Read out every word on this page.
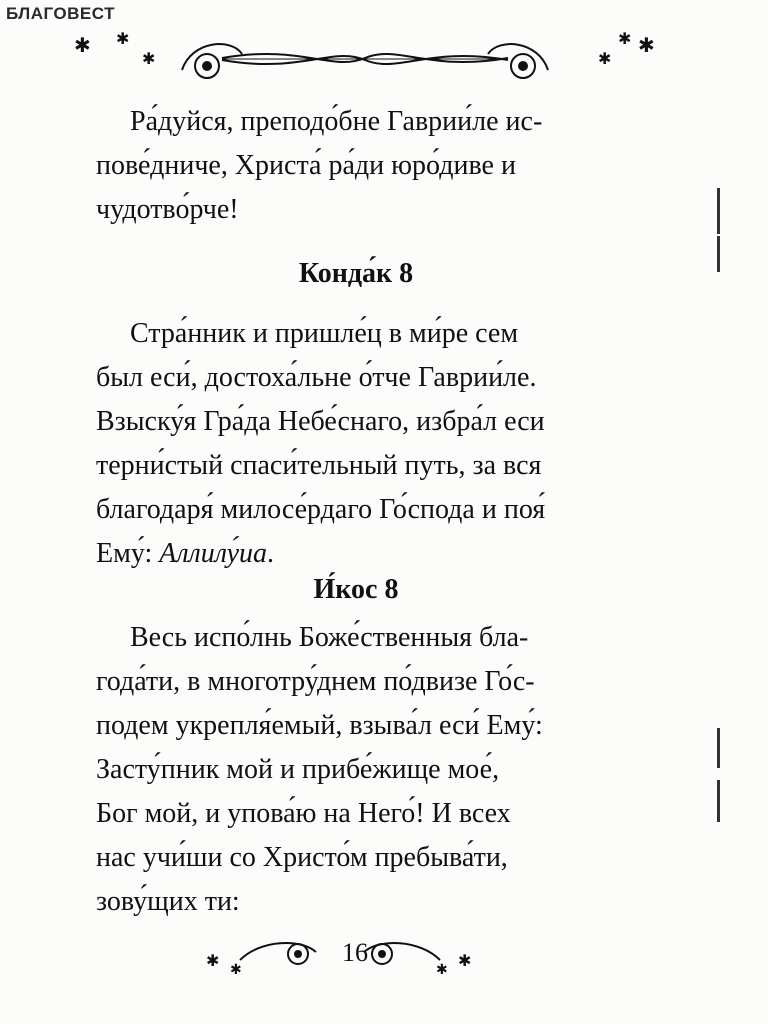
БЛАГОВЕСТ
✱ ✱
✱	✱
✱ ✱
Ра́дуйся, преподо́бне Гаврии́ле ис-
пове́дниче, Христа́ ра́ди юро́диве и
чудотво́рче!
Конда́к 8
Стра́нник и пришле́ц в ми́ре сем
был еси́, достоха́льне о́тче Гаврии́ле.
Взыску́я Гра́да Небе́снаго, избра́л еси
терни́стый спаси́тельный путь, за вся
благодаря́ милосе́рдаго Го́спода и поя́
Ему́: Аллилу́иа.
И́кос 8
Весь испо́лнь Боже́ственныя бла-
года́ти, в многотру́днем по́двизе Го́с-
подем укрепля́емый, взыва́л еси́ Ему́:
Засту́пник мой и прибе́жище мое́,
Бог мой, и упова́ю на Него́! И всех
нас учи́ши со Христо́м пребыва́ти,
зову́щих ти:
✱
✱	✱
✱
16
